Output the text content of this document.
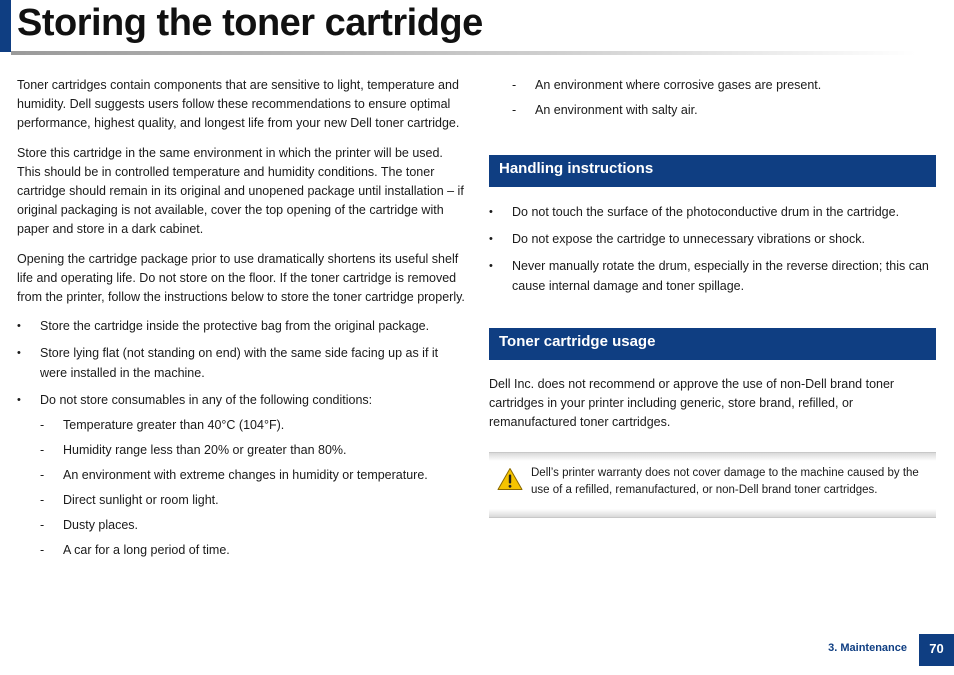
Storing the toner cartridge

Toner cartridges contain components that are sensitive to light, temperature and humidity. Dell suggests users follow these recommendations to ensure optimal performance, highest quality, and longest life from your new Dell toner cartridge.

Store this cartridge in the same environment in which the printer will be used. This should be in controlled temperature and humidity conditions. The toner cartridge should remain in its original and unopened package until installation – if original packaging is not available, cover the top opening of the cartridge with paper and store in a dark cabinet.

Opening the cartridge package prior to use dramatically shortens its useful shelf life and operating life. Do not store on the floor. If the toner cartridge is removed from the printer, follow the instructions below to store the toner cartridge properly.

• Store the cartridge inside the protective bag from the original package.
• Store lying flat (not standing on end) with the same side facing up as if it were installed in the machine.
• Do not store consumables in any of the following conditions:
- Temperature greater than 40°C (104°F).
- Humidity range less than 20% or greater than 80%.
- An environment with extreme changes in humidity or temperature.
- Direct sunlight or room light.
- Dusty places.
- A car for a long period of time.
- An environment where corrosive gases are present.
- An environment with salty air.
Handling instructions
• Do not touch the surface of the photoconductive drum in the cartridge.
• Do not expose the cartridge to unnecessary vibrations or shock.
• Never manually rotate the drum, especially in the reverse direction; this can cause internal damage and toner spillage.
Toner cartridge usage

Dell Inc. does not recommend or approve the use of non-Dell brand toner cartridges in your printer including generic, store brand, refilled, or remanufactured toner cartridges.

Dell’s printer warranty does not cover damage to the machine caused by the use of a refilled, remanufactured, or non-Dell brand toner cartridges.
3. Maintenance	70
